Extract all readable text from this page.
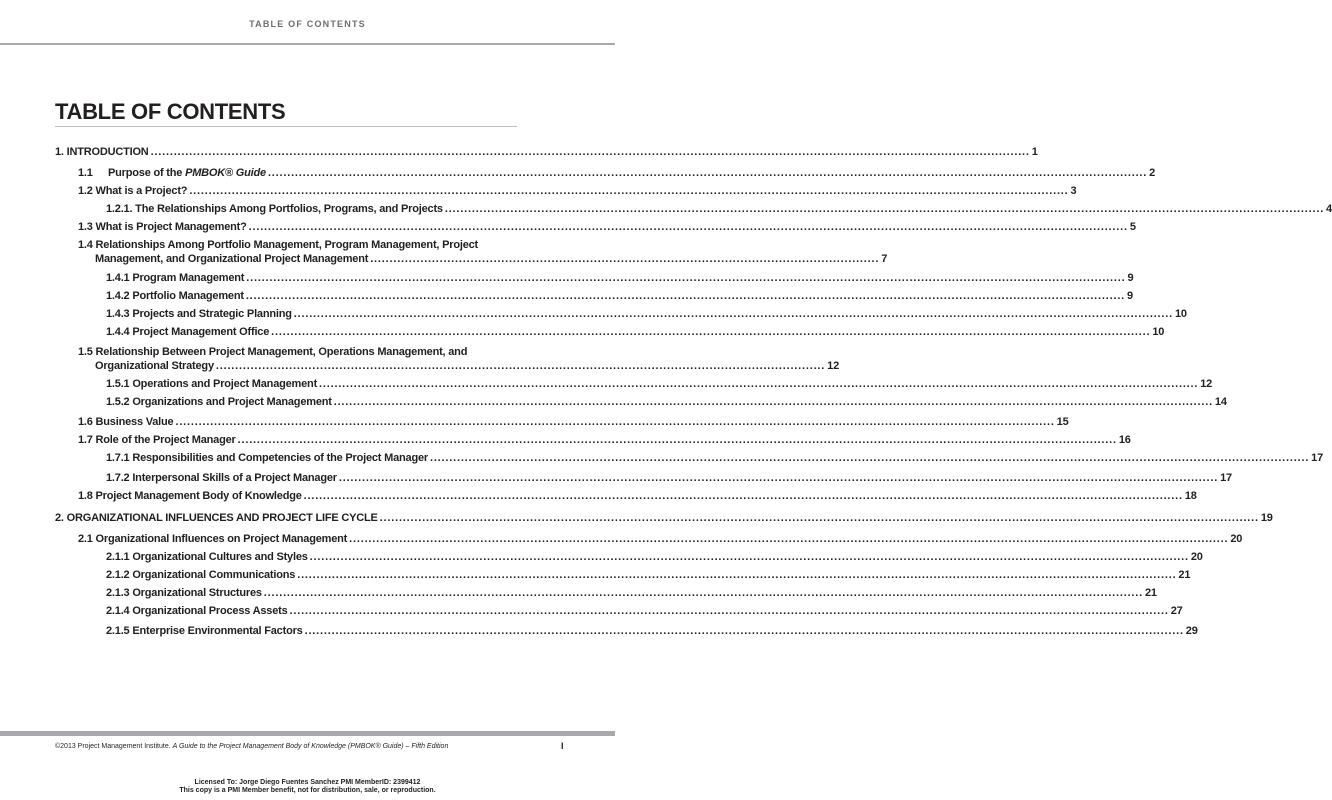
TABLE OF CONTENTS
TABLE OF CONTENTS
1. INTRODUCTION .....	1
1.1 Purpose of the PMBOK® Guide .....	2
1.2 What is a Project? .....	3
1.2.1. The Relationships Among Portfolios, Programs, and Projects .....	4
1.3 What is Project Management? .....	5
1.4 Relationships Among Portfolio Management, Program Management, Project
Management, and Organizational Project Management .................................................................................................................................... 7
1.4.1 Program Management .....	9
1.4.2 Portfolio Management .....	9
1.4.3 Projects and Strategic Planning .....	10
1.4.4 Project Management Office .....	10
1.5 Relationship Between Project Management, Operations Management, and
Organizational Strategy .............................................................................................................................................................. 12
1.5.1 Operations and Project Management .....	12
1.5.2 Organizations and Project Management .....	14
1.6 Business Value .....	15
1.7 Role of the Project Manager .....	16
1.7.1 Responsibilities and Competencies of the Project Manager .....	17
1.7.2 Interpersonal Skills of a Project Manager .....	17
1.8 Project Management Body of Knowledge .....	18
2. ORGANIZATIONAL INFLUENCES AND PROJECT LIFE CYCLE .....	19
2.1 Organizational Influences on Project Management .....	20
2.1.1 Organizational Cultures and Styles .....	20
2.1.2 Organizational Communications .....	21
2.1.3 Organizational Structures .....	21
2.1.4 Organizational Process Assets .....	27
2.1.5 Enterprise Environmental Factors .....	29
©2013 Project Management Institute. A Guide to the Project Management Body of Knowledge (PMBOK® Guide) – Fifth Edition	I
Licensed To: Jorge Diego Fuentes Sanchez PMI MemberID: 2399412
This copy is a PMI Member benefit, not for distribution, sale, or reproduction.
